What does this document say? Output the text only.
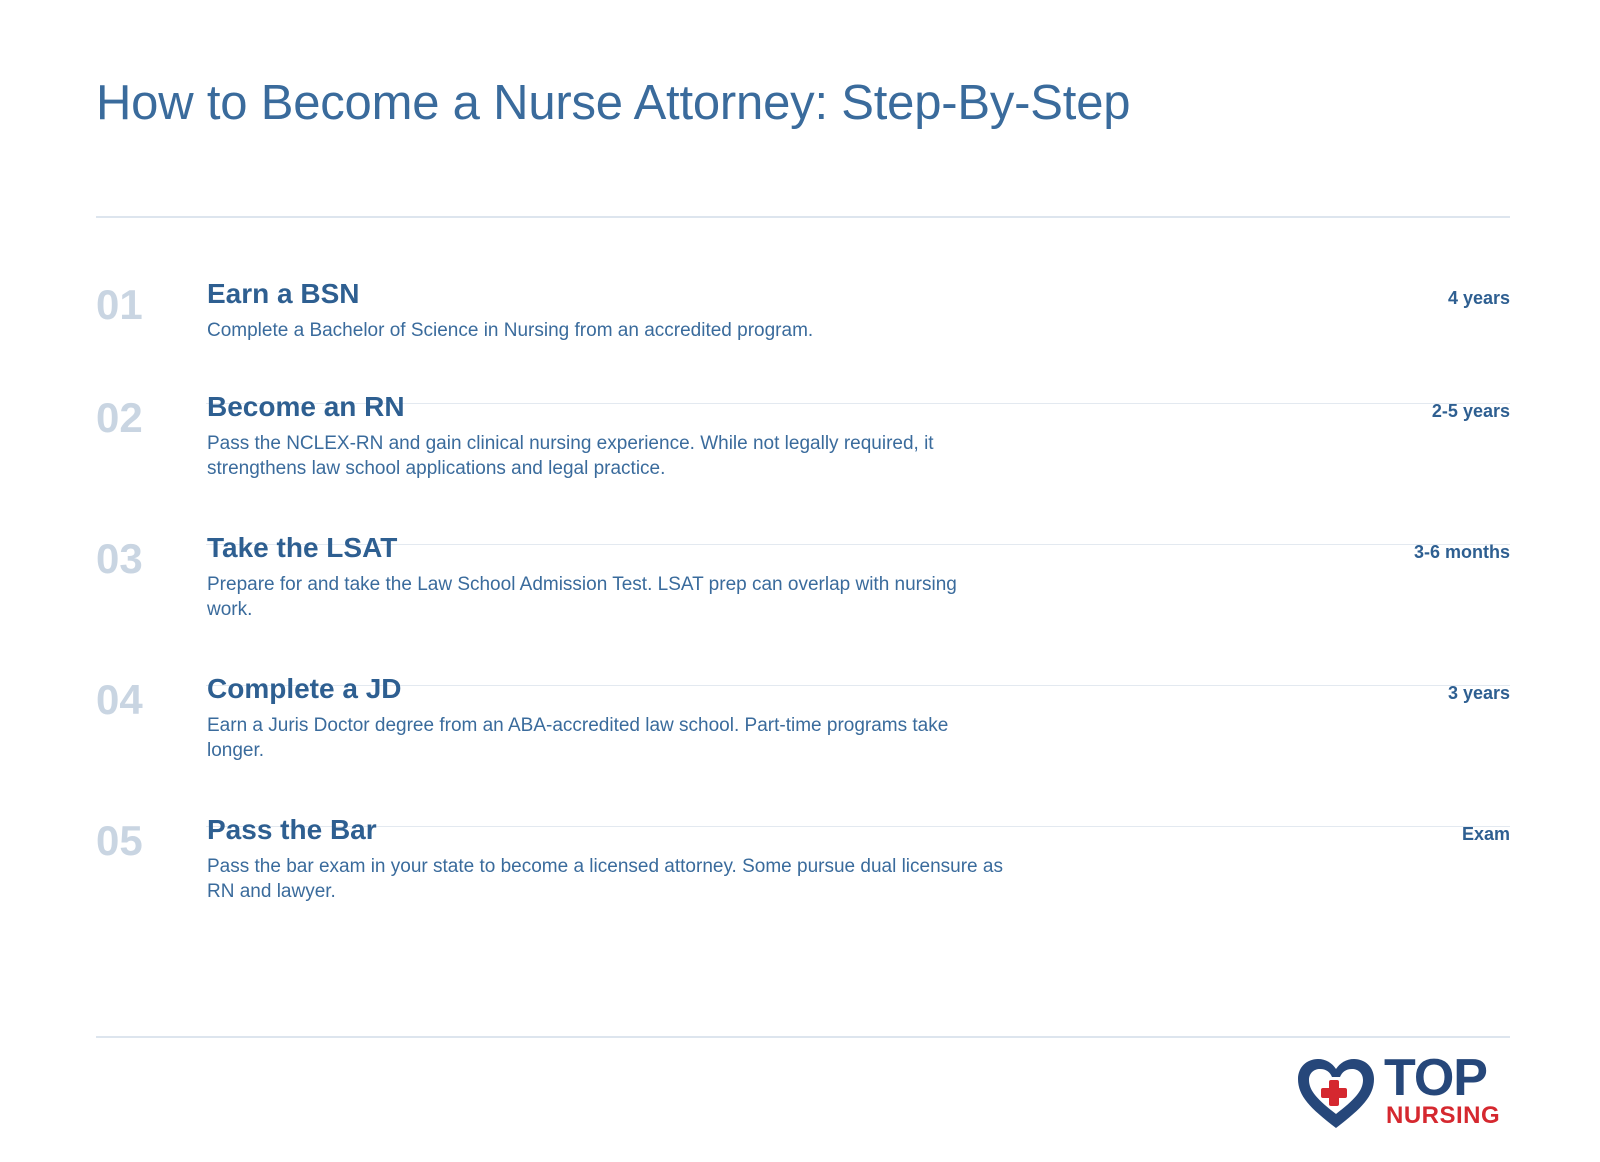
How to Become a Nurse Attorney: Step-By-Step
01 Earn a BSN
Complete a Bachelor of Science in Nursing from an accredited program.
4 years
02 Become an RN
Pass the NCLEX-RN and gain clinical nursing experience. While not legally required, it strengthens law school applications and legal practice.
2-5 years
03 Take the LSAT
Prepare for and take the Law School Admission Test. LSAT prep can overlap with nursing work.
3-6 months
04 Complete a JD
Earn a Juris Doctor degree from an ABA-accredited law school. Part-time programs take longer.
3 years
05 Pass the Bar
Pass the bar exam in your state to become a licensed attorney. Some pursue dual licensure as RN and lawyer.
Exam
TOP
NURSING
